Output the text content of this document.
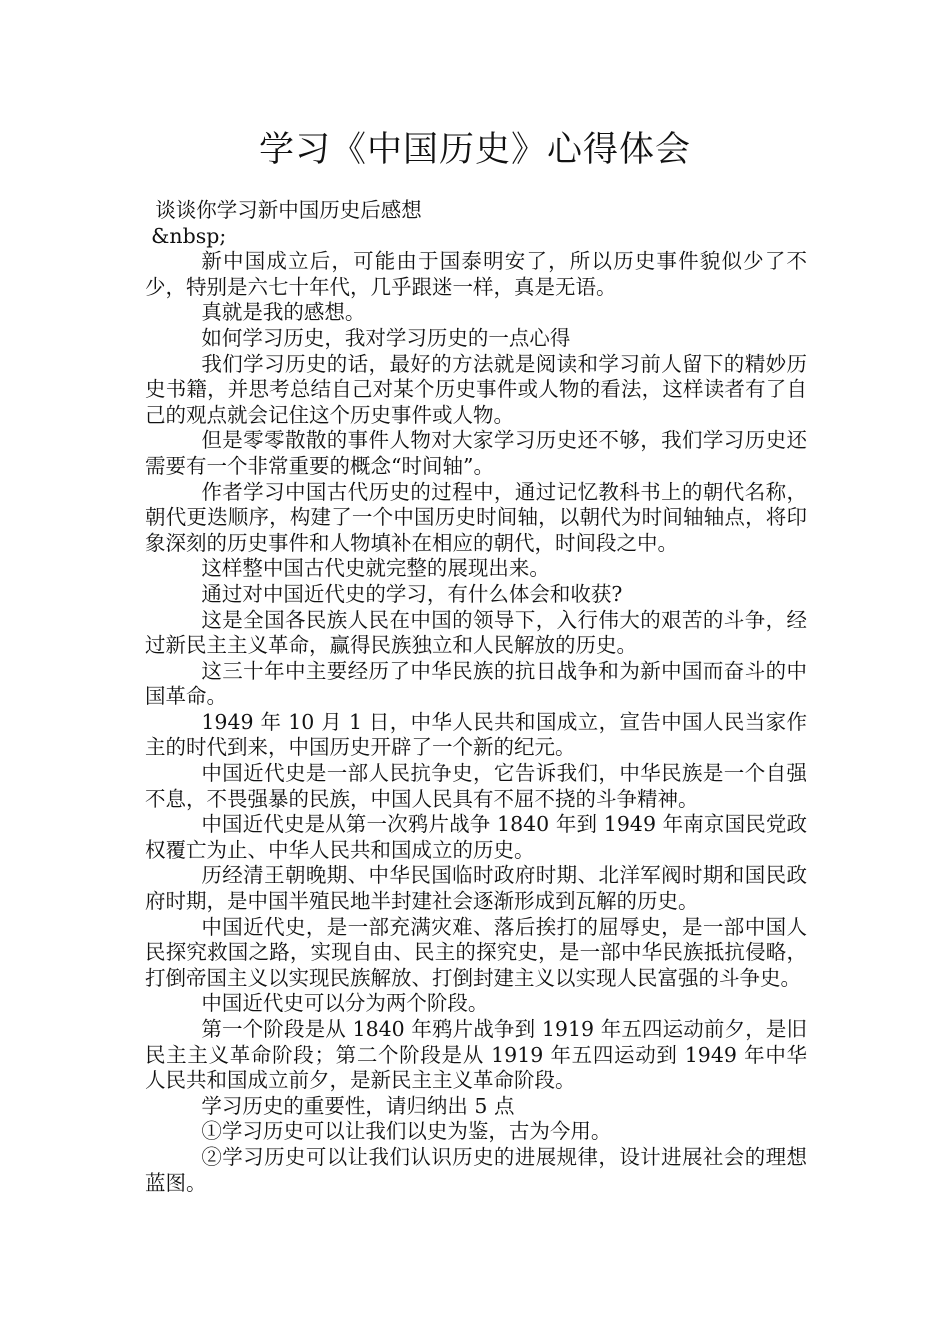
学习《中国历史》心得体会

谈谈你学习新中国历史后感想

&nbsp;

新中国成立后，可能由于国泰明安了，所以历史事件貌似少了不少，特别是六七十年代，几乎跟迷一样，真是无语。

真就是我的感想。

如何学习历史，我对学习历史的一点心得

我们学习历史的话，最好的方法就是阅读和学习前人留下的精妙历史书籍，并思考总结自己对某个历史事件或人物的看法，这样读者有了自己的观点就会记住这个历史事件或人物。

但是零零散散的事件人物对大家学习历史还不够，我们学习历史还需要有一个非常重要的概念“时间轴”。

作者学习中国古代历史的过程中，通过记忆教科书上的朝代名称，朝代更迭顺序，构建了一个中国历史时间轴，以朝代为时间轴轴点，将印象深刻的历史事件和人物填补在相应的朝代，时间段之中。

这样整中国古代史就完整的展现出来。

通过对中国近代史的学习，有什么体会和收获?

这是全国各民族人民在中国的领导下，入行伟大的艰苦的斗争，经过新民主主义革命，赢得民族独立和人民解放的历史。

这三十年中主要经历了中华民族的抗日战争和为新中国而奋斗的中国革命。

1949 年 10 月 1 日，中华人民共和国成立，宣告中国人民当家作主的时代到来，中国历史开辟了一个新的纪元。

中国近代史是一部人民抗争史，它告诉我们，中华民族是一个自强不息，不畏强暴的民族，中国人民具有不屈不挠的斗争精神。

中国近代史是从第一次鸦片战争 1840 年到 1949 年南京国民党政权覆亡为止、中华人民共和国成立的历史。

历经清王朝晚期、中华民国临时政府时期、北洋军阀时期和国民政府时期，是中国半殖民地半封建社会逐渐形成到瓦解的历史。

中国近代史，是一部充满灾难、落后挨打的屈辱史，是一部中国人民探究救国之路，实现自由、民主的探究史，是一部中华民族抵抗侵略，打倒帝国主义以实现民族解放、打倒封建主义以实现人民富强的斗争史。

中国近代史可以分为两个阶段。

第一个阶段是从 1840 年鸦片战争到 1919 年五四运动前夕，是旧民主主义革命阶段；第二个阶段是从 1919 年五四运动到 1949 年中华人民共和国成立前夕，是新民主主义革命阶段。

学习历史的重要性，请归纳出 5 点

①学习历史可以让我们以史为鉴，古为今用。

②学习历史可以让我们认识历史的进展规律，设计进展社会的理想蓝图。
